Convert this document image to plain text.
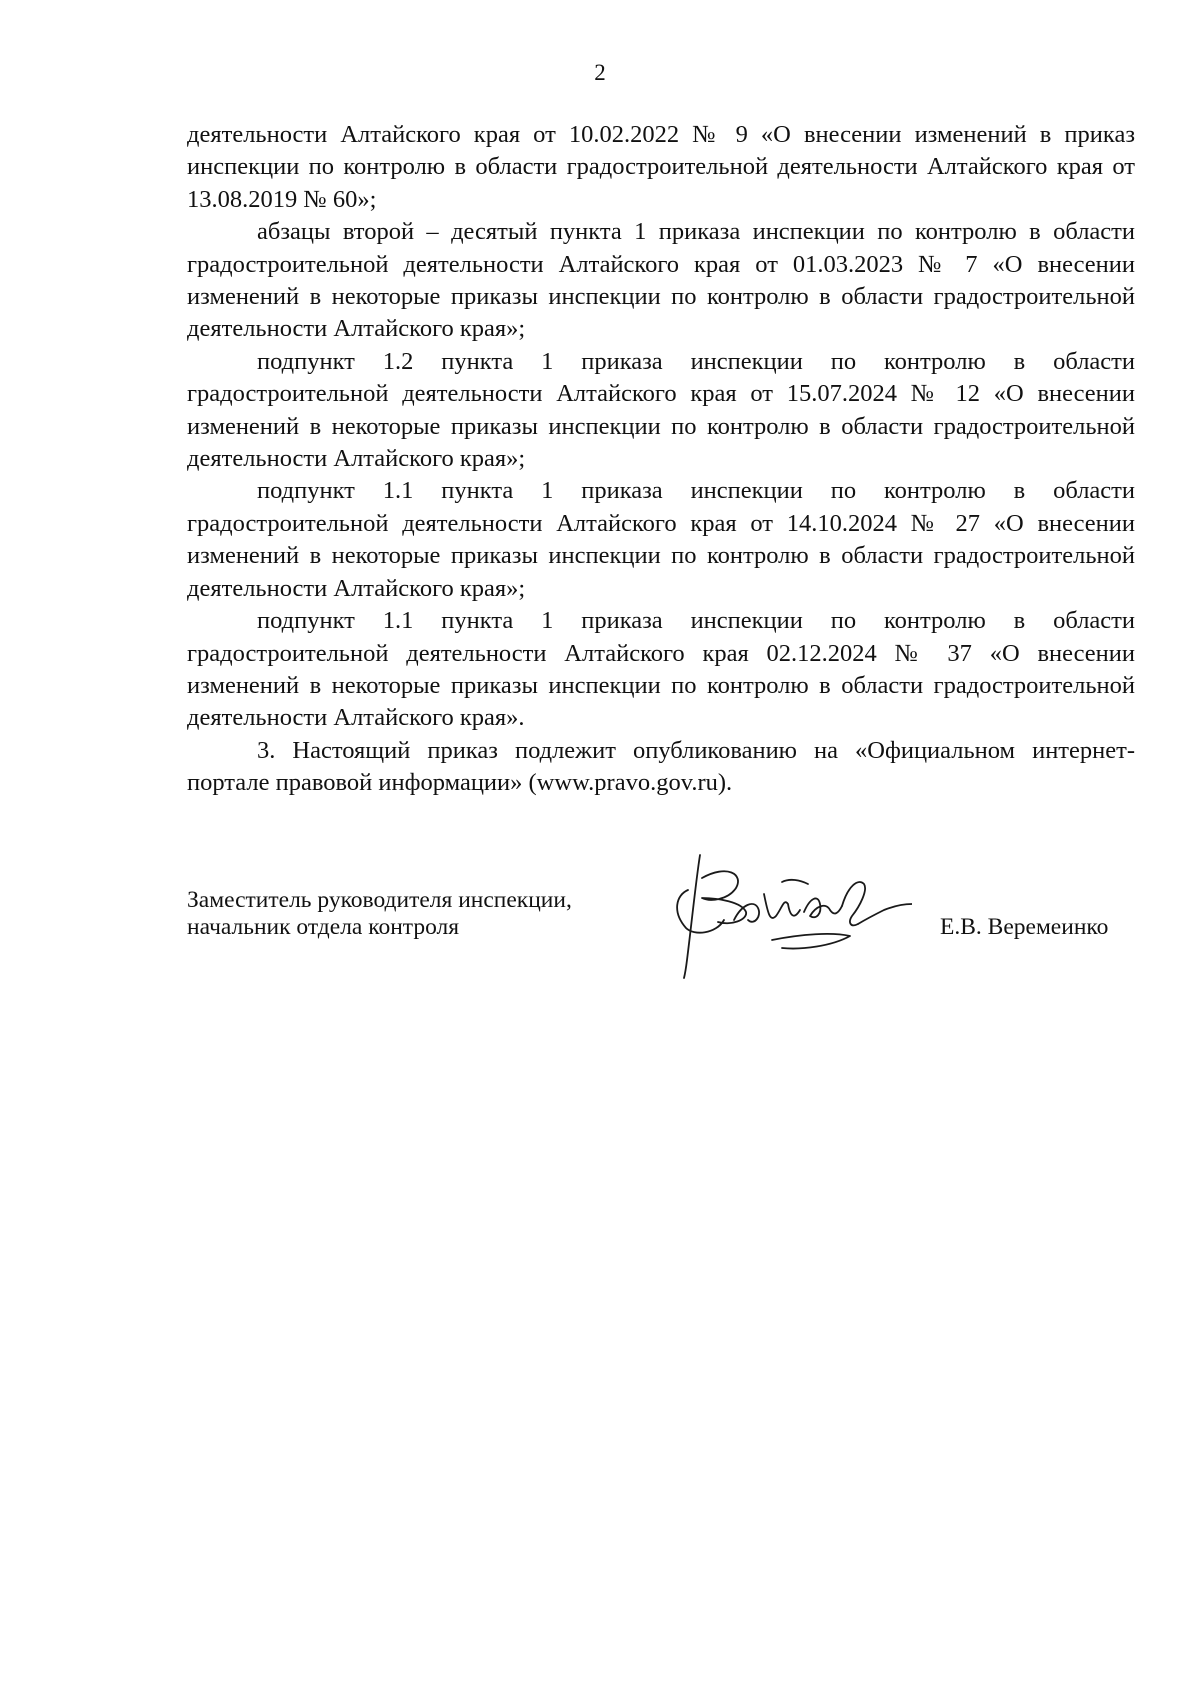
2

деятельности Алтайского края от 10.02.2022 № 9 «О внесении изменений в приказ инспекции по контролю в области градостроительной деятельности Алтайского края от 13.08.2019 № 60»;

абзацы второй – десятый пункта 1 приказа инспекции по контролю в области градостроительной деятельности Алтайского края от 01.03.2023 № 7 «О внесении изменений в некоторые приказы инспекции по контролю в области градостроительной деятельности Алтайского края»;

подпункт 1.2 пункта 1 приказа инспекции по контролю в области градостроительной деятельности Алтайского края от 15.07.2024 № 12 «О внесении изменений в некоторые приказы инспекции по контролю в области градостроительной деятельности Алтайского края»;

подпункт 1.1 пункта 1 приказа инспекции по контролю в области градостроительной деятельности Алтайского края от 14.10.2024 № 27 «О внесении изменений в некоторые приказы инспекции по контролю в области градостроительной деятельности Алтайского края»;

подпункт 1.1 пункта 1 приказа инспекции по контролю в области градостроительной деятельности Алтайского края 02.12.2024 № 37 «О внесении изменений в некоторые приказы инспекции по контролю в области градостроительной деятельности Алтайского края».

3. Настоящий приказ подлежит опубликованию на «Официальном интернет-портале правовой информации» (www.pravo.gov.ru).

Заместитель руководителя инспекции,
начальник отдела контроля	Е.В. Веремеинко
